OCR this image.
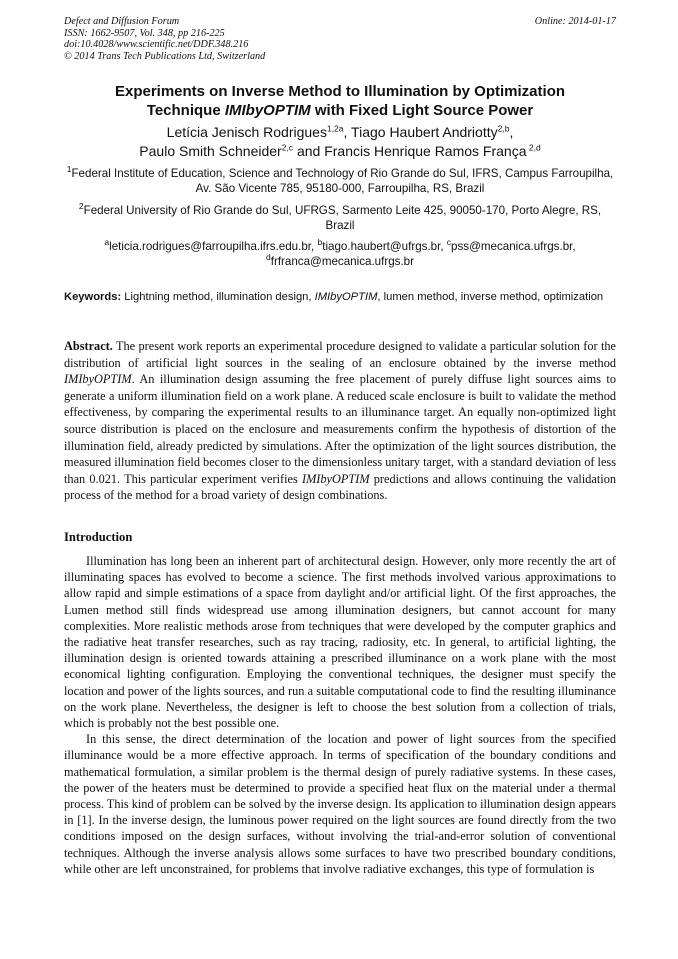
Defect and Diffusion Forum
ISSN: 1662-9507, Vol. 348, pp 216-225
doi:10.4028/www.scientific.net/DDF.348.216
© 2014 Trans Tech Publications Ltd, Switzerland
Online: 2014-01-17
Experiments on Inverse Method to Illumination by Optimization
Technique IMIbyOPTIM with Fixed Light Source Power
Letícia Jenisch Rodrigues$^{1,2a}$, Tiago Haubert Andriotty$^{2,b}$,
Paulo Smith Schneider$^{2,c}$ and Francis Henrique Ramos França $^{2,d}$
$^1$Federal Institute of Education, Science and Technology of Rio Grande do Sul, IFRS, Campus Farroupilha, Av. São Vicente 785, 95180-000, Farroupilha, RS, Brazil
$^2$Federal University of Rio Grande do Sul, UFRGS, Sarmento Leite 425, 90050-170, Porto Alegre, RS, Brazil
$^a$leticia.rodrigues@farroupilha.ifrs.edu.br, $^b$tiago.haubert@ufrgs.br, $^c$pss@mecanica.ufrgs.br,
$^d$frfranca@mecanica.ufrgs.br
Keywords: Lightning method, illumination design, IMIbyOPTIM, lumen method, inverse method, optimization
Abstract. The present work reports an experimental procedure designed to validate a particular solution for the distribution of artificial light sources in the sealing of an enclosure obtained by the inverse method IMIbyOPTIM. An illumination design assuming the free placement of purely diffuse light sources aims to generate a uniform illumination field on a work plane. A reduced scale enclosure is built to validate the method effectiveness, by comparing the experimental results to an illuminance target. An equally non-optimized light source distribution is placed on the enclosure and measurements confirm the hypothesis of distortion of the illumination field, already predicted by simulations. After the optimization of the light sources distribution, the measured illumination field becomes closer to the dimensionless unitary target, with a standard deviation of less than 0.021. This particular experiment verifies IMIbyOPTIM predictions and allows continuing the validation process of the method for a broad variety of design combinations.
Introduction

Illumination has long been an inherent part of architectural design. However, only more recently the art of illuminating spaces has evolved to become a science. The first methods involved various approximations to allow rapid and simple estimations of a space from daylight and/or artificial light. Of the first approaches, the Lumen method still finds widespread use among illumination designers, but cannot account for many complexities. More realistic methods arose from techniques that were developed by the computer graphics and the radiative heat transfer researches, such as ray tracing, radiosity, etc. In general, to artificial lighting, the illumination design is oriented towards attaining a prescribed illuminance on a work plane with the most economical lighting configuration. Employing the conventional techniques, the designer must specify the location and power of the lights sources, and run a suitable computational code to find the resulting illuminance on the work plane. Nevertheless, the designer is left to choose the best solution from a collection of trials, which is probably not the best possible one.

In this sense, the direct determination of the location and power of light sources from the specified illuminance would be a more effective approach. In terms of specification of the boundary conditions and mathematical formulation, a similar problem is the thermal design of purely radiative systems. In these cases, the power of the heaters must be determined to provide a specified heat flux on the material under a thermal process. This kind of problem can be solved by the inverse design. Its application to illumination design appears in [1]. In the inverse design, the luminous power required on the light sources are found directly from the two conditions imposed on the design surfaces, without involving the trial-and-error solution of conventional techniques. Although the inverse analysis allows some surfaces to have two prescribed boundary conditions, while other are left unconstrained, for problems that involve radiative exchanges, this type of formulation is
